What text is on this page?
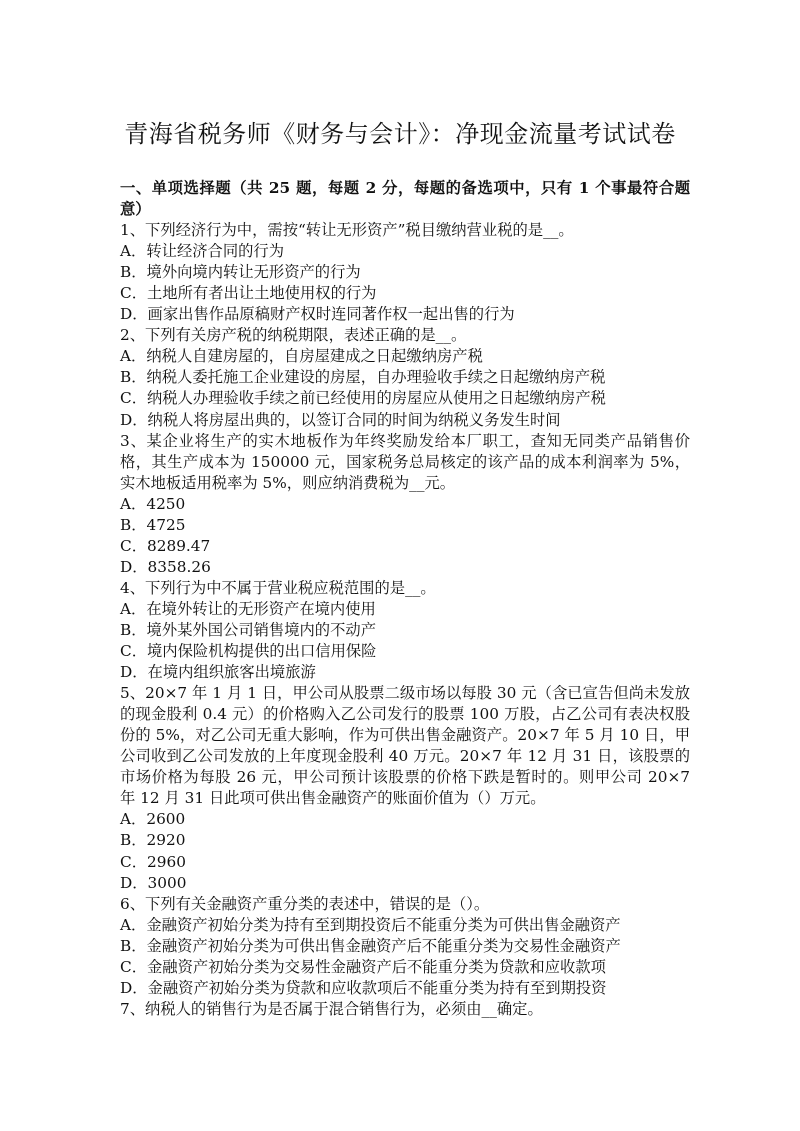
青海省税务师《财务与会计》：净现金流量考试试卷

一、单项选择题（共 25 题，每题 2 分，每题的备选项中，只有 1 个事最符合题意）

1、下列经济行为中，需按“转让无形资产”税目缴纳营业税的是__。

A．转让经济合同的行为

B．境外向境内转让无形资产的行为

C．土地所有者出让土地使用权的行为

D．画家出售作品原稿财产权时连同著作权一起出售的行为

2、下列有关房产税的纳税期限，表述正确的是__。

A．纳税人自建房屋的，自房屋建成之日起缴纳房产税

B．纳税人委托施工企业建设的房屋，自办理验收手续之日起缴纳房产税

C．纳税人办理验收手续之前已经使用的房屋应从使用之日起缴纳房产税

D．纳税人将房屋出典的，以签订合同的时间为纳税义务发生时间

3、某企业将生产的实木地板作为年终奖励发给本厂职工，查知无同类产品销售价格，其生产成本为 150000 元，国家税务总局核定的该产品的成本利润率为 5%，实木地板适用税率为 5%，则应纳消费税为__元。

A．4250

B．4725

C．8289.47

D．8358.26

4、下列行为中不属于营业税应税范围的是__。

A．在境外转让的无形资产在境内使用

B．境外某外国公司销售境内的不动产

C．境内保险机构提供的出口信用保险

D．在境内组织旅客出境旅游

5、20×7 年 1 月 1 日，甲公司从股票二级市场以每股 30 元（含已宣告但尚未发放的现金股利 0.4 元）的价格购入乙公司发行的股票 100 万股，占乙公司有表决权股份的 5%，对乙公司无重大影响，作为可供出售金融资产。20×7 年 5 月 10 日，甲公司收到乙公司发放的上年度现金股利 40 万元。20×7 年 12 月 31 日，该股票的市场价格为每股 26 元，甲公司预计该股票的价格下跌是暂时的。则甲公司 20×7 年 12 月 31 日此项可供出售金融资产的账面价值为（）万元。

A．2600

B．2920

C．2960

D．3000

6、下列有关金融资产重分类的表述中，错误的是（）。

A．金融资产初始分类为持有至到期投资后不能重分类为可供出售金融资产

B．金融资产初始分类为可供出售金融资产后不能重分类为交易性金融资产

C．金融资产初始分类为交易性金融资产后不能重分类为贷款和应收款项

D．金融资产初始分类为贷款和应收款项后不能重分类为持有至到期投资

7、纳税人的销售行为是否属于混合销售行为，必须由__确定。
